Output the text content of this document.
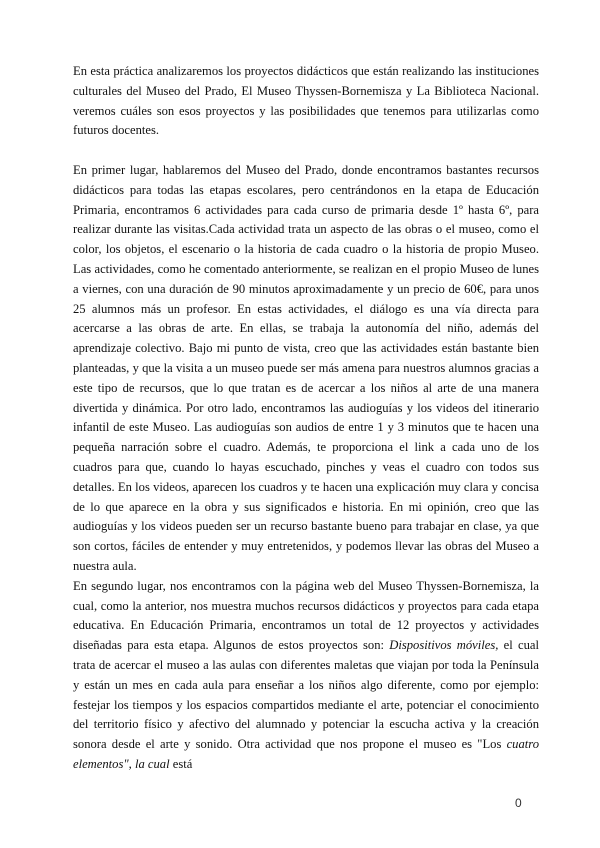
En esta práctica analizaremos los proyectos didácticos que están realizando las instituciones culturales del Museo del Prado, El Museo Thyssen-Bornemisza y La Biblioteca Nacional. veremos cuáles son esos proyectos y las posibilidades que tenemos para utilizarlas como futuros docentes.

En primer lugar, hablaremos del Museo del Prado, donde encontramos bastantes recursos didácticos para todas las etapas escolares, pero centrándonos en la etapa de Educación Primaria, encontramos 6 actividades para cada curso de primaria desde 1º hasta 6º, para realizar durante las visitas.Cada actividad trata un aspecto de las obras o el museo, como el color, los objetos, el escenario o la historia de cada cuadro o la historia de propio Museo. Las actividades, como he comentado anteriormente, se realizan en el propio Museo de lunes a viernes, con una duración de 90 minutos aproximadamente y un precio de 60€, para unos 25 alumnos más un profesor. En estas actividades, el diálogo es una vía directa para acercarse a las obras de arte. En ellas, se trabaja la autonomía del niño, además del aprendizaje colectivo. Bajo mi punto de vista, creo que las actividades están bastante bien planteadas, y que la visita a un museo puede ser más amena para nuestros alumnos gracias a este tipo de recursos, que lo que tratan es de acercar a los niños al arte de una manera divertida y dinámica. Por otro lado, encontramos las audioguías y los videos del itinerario infantil de este Museo. Las audioguías son audios de entre 1 y 3 minutos que te hacen una pequeña narración sobre el cuadro. Además, te proporciona el link a cada uno de los cuadros para que, cuando lo hayas escuchado, pinches y veas el cuadro con todos sus detalles. En los videos, aparecen los cuadros y te hacen una explicación muy clara y concisa de lo que aparece en la obra y sus significados e historia. En mi opinión, creo que las audioguías y los videos pueden ser un recurso bastante bueno para trabajar en clase, ya que son cortos, fáciles de entender y muy entretenidos, y podemos llevar las obras del Museo a nuestra aula.

En segundo lugar, nos encontramos con la página web del Museo Thyssen-Bornemisza, la cual, como la anterior, nos muestra muchos recursos didácticos y proyectos para cada etapa educativa. En Educación Primaria, encontramos un total de 12 proyectos y actividades diseñadas para esta etapa. Algunos de estos proyectos son: Dispositivos móviles, el cual trata de acercar el museo a las aulas con diferentes maletas que viajan por toda la Península y están un mes en cada aula para enseñar a los niños algo diferente, como por ejemplo: festejar los tiempos y los espacios compartidos mediante el arte, potenciar el conocimiento del territorio físico y afectivo del alumnado y potenciar la escucha activa y la creación sonora desde el arte y sonido. Otra actividad que nos propone el museo es "Los cuatro elementos", la cual está

0
